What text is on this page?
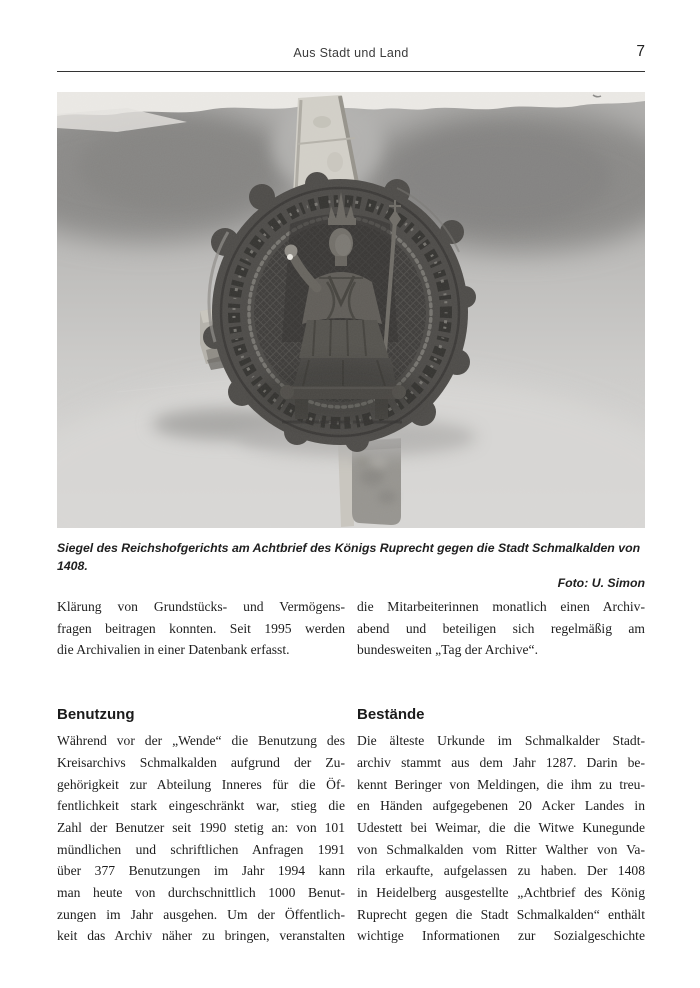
Aus Stadt und Land	7
Siegel des Reichshofgerichts am Achtbrief des Königs Ruprecht gegen die Stadt Schmalkalden von 1408.
Foto: U. Simon
Klärung von Grundstücks- und Vermögens-
fragen beitragen konnten. Seit 1995 werden
die Archivalien in einer Datenbank erfasst.
Benutzung
Während vor der „Wende“ die Benutzung des
Kreisarchivs Schmalkalden aufgrund der Zu-
gehörigkeit zur Abteilung Inneres für die Öf-
fentlichkeit stark eingeschränkt war, stieg die
Zahl der Benutzer seit 1990 stetig an: von 101
mündlichen und schriftlichen Anfragen 1991
über 377 Benutzungen im Jahr 1994 kann
man heute von durchschnittlich 1000 Benut-
zungen im Jahr ausgehen. Um der Öffentlich-
keit das Archiv näher zu bringen, veranstalten
die Mitarbeiterinnen monatlich einen Archiv-
abend und beteiligen sich regelmäßig am
bundesweiten „Tag der Archive“.
Bestände
Die älteste Urkunde im Schmalkalder Stadt-
archiv stammt aus dem Jahr 1287. Darin be-
kennt Beringer von Meldingen, die ihm zu treu-
en Händen aufgegebenen 20 Acker Landes in
Udestett bei Weimar, die die Witwe Kunegunde
von Schmalkalden vom Ritter Walther von Va-
rila erkaufte, aufgelassen zu haben. Der 1408
in Heidelberg ausgestellte „Achtbrief des König
Ruprecht gegen die Stadt Schmalkalden“ enthält
wichtige Informationen zur Sozialgeschichte
